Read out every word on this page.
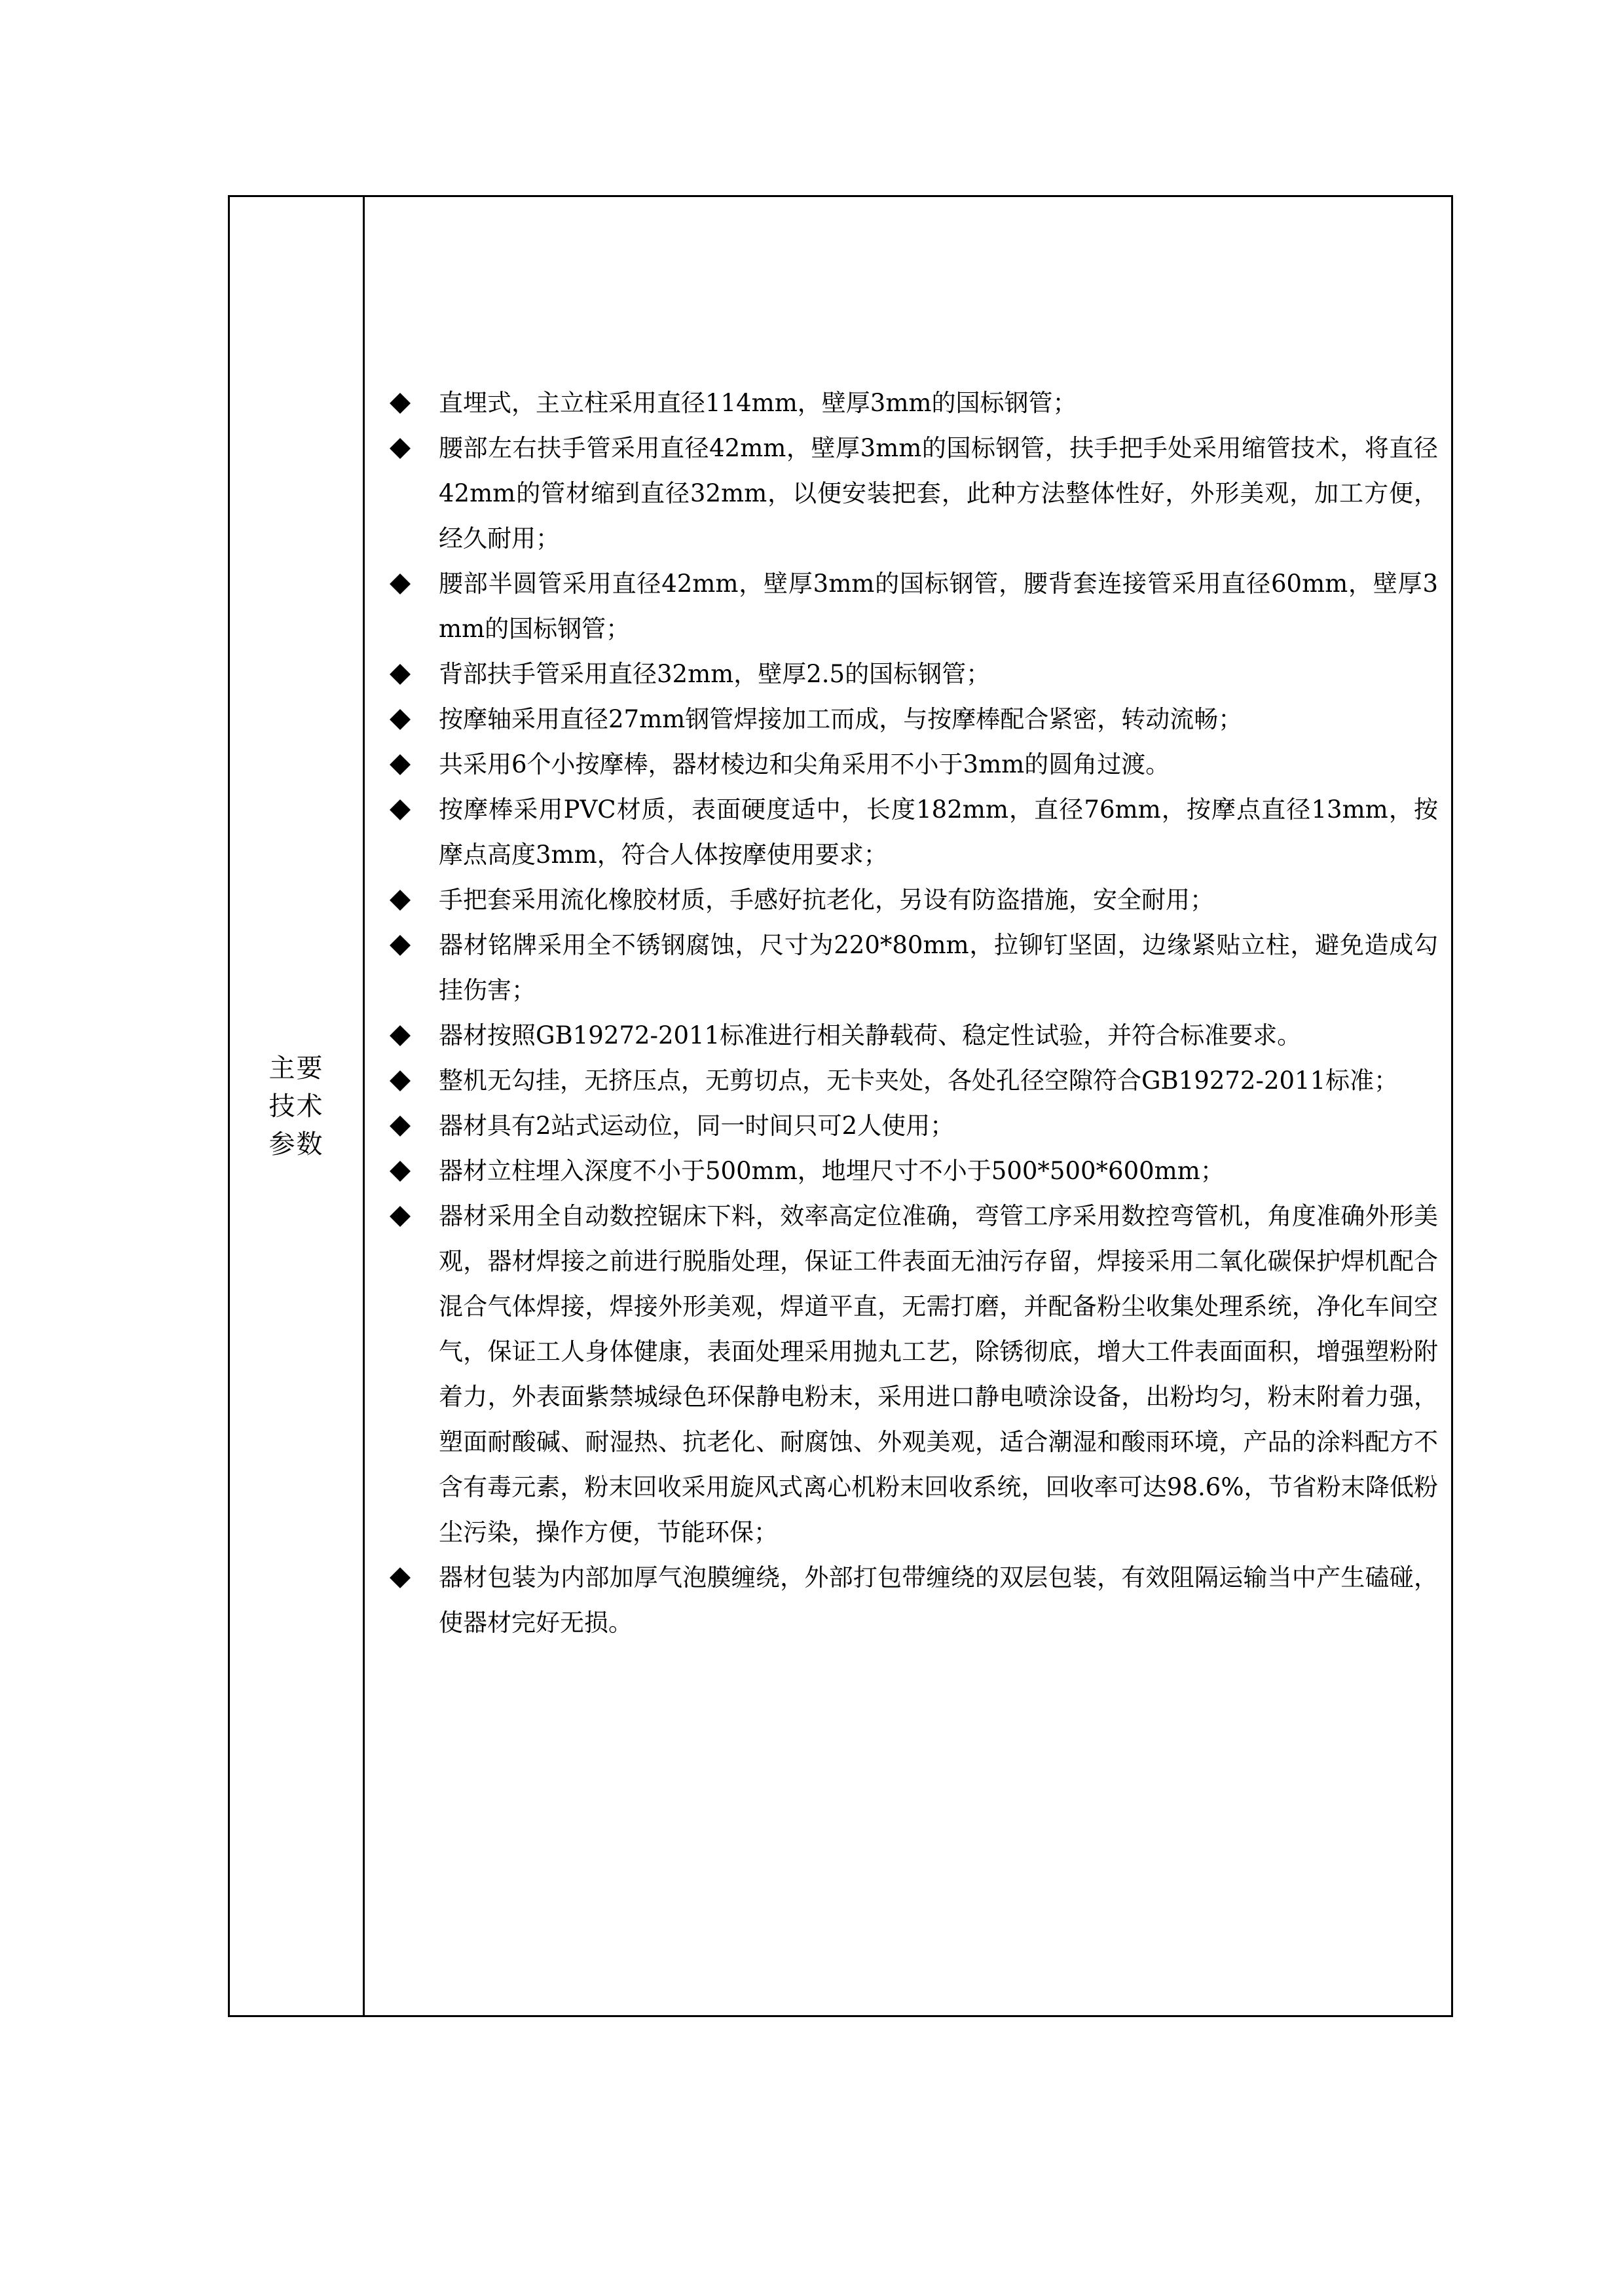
主要
技术
参数
直埋式，主立柱采用直径114mm，壁厚3mm的国标钢管；
腰部左右扶手管采用直径42mm，壁厚3mm的国标钢管，扶手把手处采用缩管技术，将直径42mm的管材缩到直径32mm，以便安装把套，此种方法整体性好，外形美观，加工方便，经久耐用；
腰部半圆管采用直径42mm，壁厚3mm的国标钢管，腰背套连接管采用直径60mm，壁厚3mm的国标钢管；
背部扶手管采用直径32mm，壁厚2.5的国标钢管；
按摩轴采用直径27mm钢管焊接加工而成，与按摩棒配合紧密，转动流畅；
共采用6个小按摩棒，器材棱边和尖角采用不小于3mm的圆角过渡。
按摩棒采用PVC材质，表面硬度适中，长度182mm，直径76mm，按摩点直径13mm，按摩点高度3mm，符合人体按摩使用要求；
手把套采用流化橡胶材质，手感好抗老化，另设有防盗措施，安全耐用；
器材铭牌采用全不锈钢腐蚀，尺寸为220*80mm，拉铆钉坚固，边缘紧贴立柱，避免造成勾挂伤害；
器材按照GB19272-2011标准进行相关静载荷、稳定性试验，并符合标准要求。
整机无勾挂，无挤压点，无剪切点，无卡夹处，各处孔径空隙符合GB19272-2011标准；
器材具有2站式运动位，同一时间只可2人使用；
器材立柱埋入深度不小于500mm，地埋尺寸不小于500*500*600mm；
器材采用全自动数控锯床下料，效率高定位准确，弯管工序采用数控弯管机，角度准确外形美观，器材焊接之前进行脱脂处理，保证工件表面无油污存留，焊接采用二氧化碳保护焊机配合混合气体焊接，焊接外形美观，焊道平直，无需打磨，并配备粉尘收集处理系统，净化车间空气，保证工人身体健康，表面处理采用抛丸工艺，除锈彻底，增大工件表面面积，增强塑粉附着力，外表面紫禁城绿色环保静电粉末，采用进口静电喷涂设备，出粉均匀，粉末附着力强，塑面耐酸碱、耐湿热、抗老化、耐腐蚀、外观美观，适合潮湿和酸雨环境，产品的涂料配方不含有毒元素，粉末回收采用旋风式离心机粉末回收系统，回收率可达98.6%，节省粉末降低粉尘污染，操作方便，节能环保；
器材包装为内部加厚气泡膜缠绕，外部打包带缠绕的双层包装，有效阻隔运输当中产生磕碰，使器材完好无损。
